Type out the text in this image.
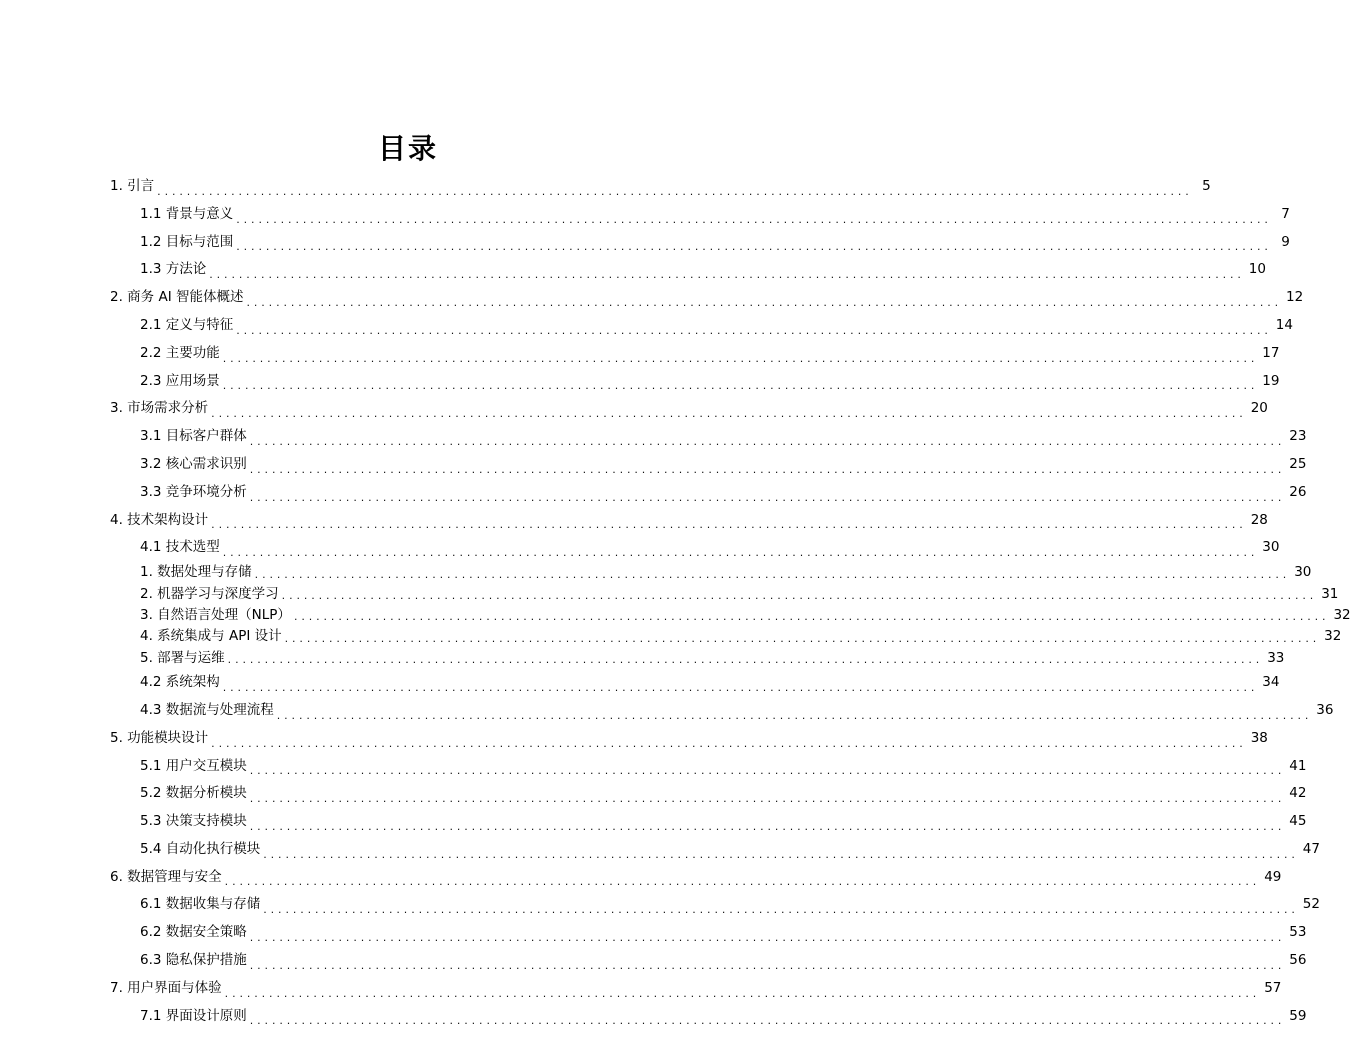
目录
1. 引言 ............................................................................................................................................ 5
1.1 背景与意义 ............................................................................................................................................ 7
1.2 目标与范围 ............................................................................................................................................ 9
1.3 方法论 ............................................................................................................................................ 10
2. 商务 AI 智能体概述 ............................................................................................................................................ 12
2.1 定义与特征 ............................................................................................................................................ 14
2.2 主要功能 ............................................................................................................................................ 17
2.3 应用场景 ............................................................................................................................................ 19
3. 市场需求分析 ............................................................................................................................................ 20
3.1 目标客户群体 ............................................................................................................................................ 23
3.2 核心需求识别 ............................................................................................................................................ 25
3.3 竞争环境分析 ............................................................................................................................................ 26
4. 技术架构设计 ............................................................................................................................................ 28
4.1 技术选型 ............................................................................................................................................ 30
1. 数据处理与存储 ............................................................................................................................................ 30
2. 机器学习与深度学习 ............................................................................................................................................ 31
3. 自然语言处理（NLP） ............................................................................................................................................ 32
4. 系统集成与 API 设计 ............................................................................................................................................ 32
5. 部署与运维 ............................................................................................................................................ 33
4.2 系统架构 ............................................................................................................................................ 34
4.3 数据流与处理流程 ............................................................................................................................................ 36
5. 功能模块设计 ............................................................................................................................................ 38
5.1 用户交互模块 ............................................................................................................................................ 41
5.2 数据分析模块 ............................................................................................................................................ 42
5.3 决策支持模块 ............................................................................................................................................ 45
5.4 自动化执行模块 ............................................................................................................................................ 47
6. 数据管理与安全 ............................................................................................................................................ 49
6.1 数据收集与存储 ............................................................................................................................................ 52
6.2 数据安全策略 ............................................................................................................................................ 53
6.3 隐私保护措施 ............................................................................................................................................ 56
7. 用户界面与体验 ............................................................................................................................................ 57
7.1 界面设计原则 ............................................................................................................................................ 59
